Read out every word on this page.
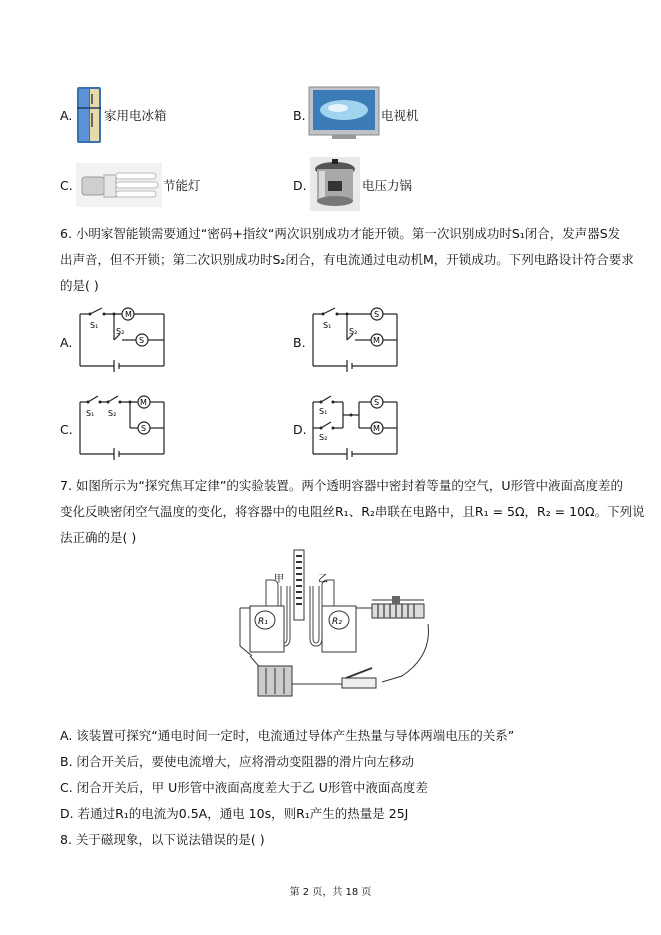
A.	家用电冰箱	B.	电视机
C.	节能灯	D.	电压力锅
6. 小明家智能锁需要通过“密码+指纹“两次识别成功才能开锁。第一次识别成功时S₁闭合，发声器S发
出声音，但不开锁；第二次识别成功时S₂闭合，有电流通过电动机M，开锁成功。下列电路设计符合要求
的是( )
A.
S₁
S₂
M
S	B.
S₁
S₂
S
M
C.
S₁ S₂
M
S	D.
S₁
S₂
S
M
7. 如图所示为“探究焦耳定律”的实验装置。两个透明容器中密封着等量的空气，U形管中液面高度差的
变化反映密闭空气温度的变化，将容器中的电阻丝R₁、R₂串联在电路中，且R₁ = 5Ω，R₂ = 10Ω。下列说
法正确的是( )
甲	乙
R₁	R₂
A. 该装置可探究“通电时间一定时，电流通过导体产生热量与导体两端电压的关系”
B. 闭合开关后，要使电流增大，应将滑动变阻器的滑片向左移动
C. 闭合开关后，甲 U形管中液面高度差大于乙 U形管中液面高度差
D. 若通过R₁的电流为0.5A，通电 10s，则R₁产生的热量是 25J
8. 关于磁现象，以下说法错误的是( )
第 2 页，共 18 页
